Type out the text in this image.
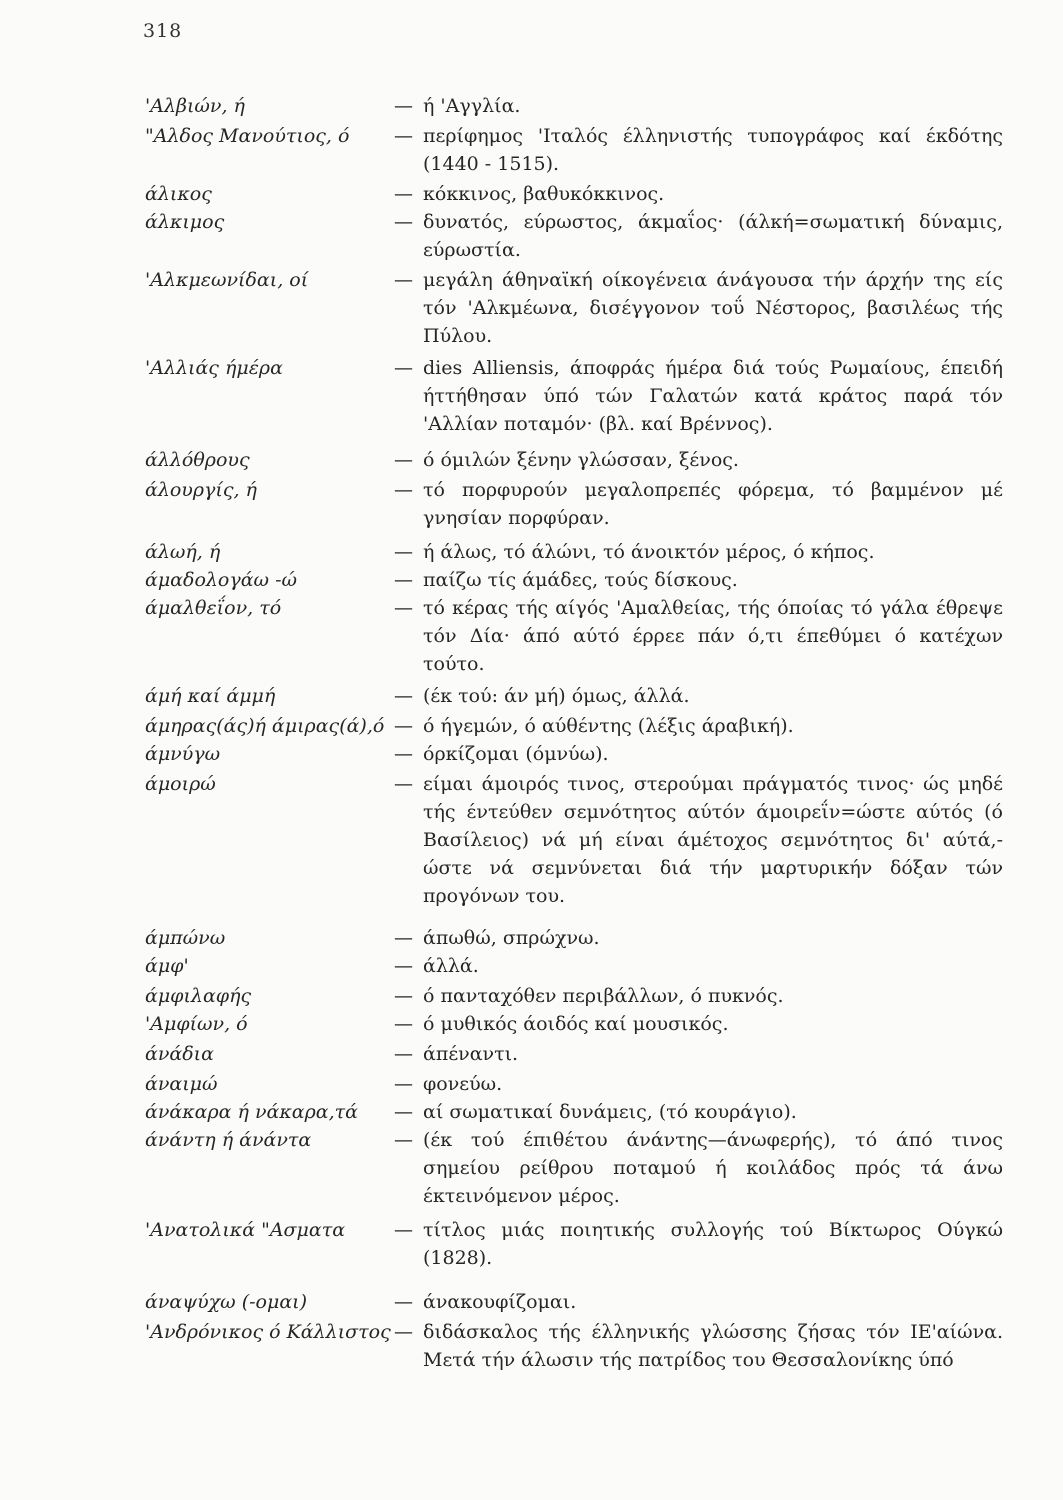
318
'Αλβιών, ή	— ή 'Αγγλία.

"Αλδος Μανούτιος, ό — περίφημος 'Ιταλός έλληνιστής τυπογράφος καί έκδότης (1440 - 1515).

άλικος	— κόκκινος, βαθυκόκκινος.

άλκιμος	— δυνατός, εύρωστος, άκμαΐος· (άλκή=σωματική δύναμις, εύρωστία.

'Αλκμεωνίδαι, οί	— μεγάλη άθηναϊκή οίκογένεια άνάγουσα τήν άρχήν της είς τόν 'Αλκμέωνα, δισέγγονον τοΰ Νέστορος, βασιλέως τής Πύλου.

'Αλλιάς ήμέρα	— dies Alliensis, άποφράς ήμέρα διά τούς Ρωμαίους, έπειδή ήττήθησαν ύπό τών Γαλατών κατά κράτος παρά τόν 'Αλλίαν ποταμόν· (βλ. καί Βρέννος).

άλλόθρους	— ό όμιλών ξένην γλώσσαν, ξένος.

άλουργίς, ή	— τό πορφυρούν μεγαλοπρεπές φόρεμα, τό βαμμένον μέ γνησίαν πορφύραν.

άλωή, ή	— ή άλως, τό άλώνι, τό άνοικτόν μέρος, ό κήπος.

άμαδολογάω -ώ	— παίζω τίς άμάδες, τούς δίσκους.

άμαλθεΐον, τό	— τό κέρας τής αίγός 'Αμαλθείας, τής όποίας τό γάλα έθρεψε τόν Δία· άπό αύτό έρρεε πάν ό,τι έπεθύμει ό κατέχων τούτο.

άμή καί άμμή	— (έκ τού: άν μή) όμως, άλλά.

άμηρας(άς)ή άμιρας(ά),ό — ό ήγεμών, ό αύθέντης (λέξις άραβική).

άμνύγω	— όρκίζομαι (όμνύω).

άμοιρώ	— είμαι άμοιρός τινος, στερούμαι πράγματός τινος· ώς μηδέ τής έντεύθεν σεμνότητος αύτόν άμοιρεΐν=ώστε αύτός (ό Βασίλειος) νά μή είναι άμέτοχος σεμνότητος δι' αύτά,-ώστε νά σεμνύνεται διά τήν μαρτυρικήν δόξαν τών προγόνων του.

άμπώνω	— άπωθώ, σπρώχνω.

άμφ'	— άλλά.

άμφιλαφής	— ό πανταχόθεν περιβάλλων, ό πυκνός.

'Αμφίων, ό	— ό μυθικός άοιδός καί μουσικός.

άνάδια	— άπέναντι.

άναιμώ	— φονεύω.

άνάκαρα ή νάκαρα,τά — αί σωματικαί δυνάμεις, (τό κουράγιο).

άνάντη ή άνάντα	— (έκ τού έπιθέτου άνάντης—άνωφερής), τό άπό τινος σημείου ρείθρου ποταμού ή κοιλάδος πρός τά άνω έκτεινόμενον μέρος.

'Ανατολικά "Ασματα	— τίτλος μιάς ποιητικής συλλογής τού Βίκτωρος Ούγκώ (1828).

άναψύχω (-ομαι)	— άνακουφίζομαι.

'Ανδρόνικος ό Κάλλιστος — διδάσκαλος τής έλληνικής γλώσσης ζήσας τόν ΙΕ'αίώνα. Μετά τήν άλωσιν τής πατρίδος του Θεσσαλονίκης ύπό
